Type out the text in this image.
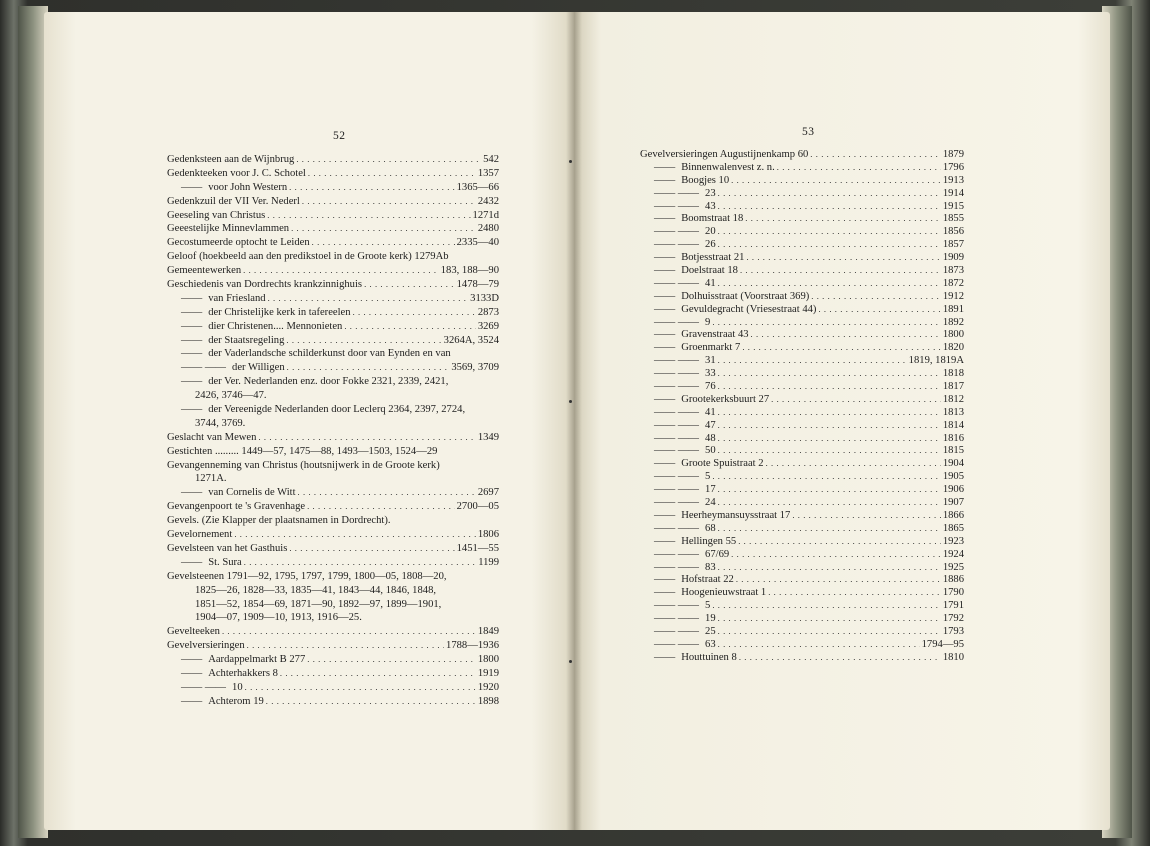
52	53
Gedenksteen aan de Wijnbrug . . .	542
Gedenkteeken voor J. C. Schotel . . .	1357
—— voor John Western . . .	1365—66
Gedenkzuil der VII Ver. Nederl . . .	2432
Geeseling van Christus . . .	1271d
Geeestelijke Minnevlammen . . .	2480
Gecostumeerde optocht te Leiden . . .	2335—40
Geloof (hoekbeeld aan den predikstoel in de Groote kerk) 1279Ab
Gemeentewerken . . .	183, 188—90
Geschiedenis van Dordrechts krankzinnighuis . . .	1478—79
—— van Friesland . . .	3133D
—— der Christelijke kerk in tafereelen . . .	2873
—— dier Christenen.... Mennonieten . . .	3269
—— der Staatsregeling . . .	3264A, 3524
—— der Vaderlandsche schilderkunst door van Eynden en van
—— —— der Willigen . . .	3569, 3709
—— der Ver. Nederlanden enz. door Fokke 2321, 2339, 2421,
2426, 3746—47.
—— der Vereenigde Nederlanden door Leclerq 2364, 2397, 2724,
3744, 3769.
Geslacht van Mewen . . .	1349
Gestichten ......... 1449—57, 1475—88, 1493—1503, 1524—29
Gevangenneming van Christus (houtsnijwerk in de Groote kerk)
1271A.
—— van Cornelis de Witt . . .	2697
Gevangenpoort te 's Gravenhage . . .	2700—05
Gevels. (Zie Klapper der plaatsnamen in Dordrecht).
Gevelornement . . .	1806
Gevelsteen van het Gasthuis . . .	1451—55
—— St. Sura . . .	1199
Gevelsteenen 1791—92, 1795, 1797, 1799, 1800—05, 1808—20,
1825—26, 1828—33, 1835—41, 1843—44, 1846, 1848,
1851—52, 1854—69, 1871—90, 1892—97, 1899—1901,
1904—07, 1909—10, 1913, 1916—25.
Gevelteeken . . .	1849
Gevelversieringen . . .	1788—1936
—— Aardappelmarkt B 277 . . .	1800
—— Achterhakkers 8 . . .	1919
—— —— 10 . . .	1920
—— Achterom 19 . . .	1898
Gevelversieringen Augustijnenkamp 60 . . .	1879
—— Binnenwalenvest z. n. . . .	1796
—— Boogjes 10 . . .	1913
—— —— 23 . . .	1914
—— —— 43 . . .	1915
—— Boomstraat 18 . . .	1855
—— —— 20 . . .	1856
—— —— 26 . . .	1857
—— Botjesstraat 21 . . .	1909
—— Doelstraat 18 . . .	1873
—— —— 41 . . .	1872
—— Dolhuisstraat (Voorstraat 369) . . .	1912
—— Gevuldegracht (Vriesestraat 44) . . .	1891
—— —— 9 . . .	1892
—— Gravenstraat 43 . . .	1800
—— Groenmarkt 7 . . .	1820
—— —— 31 . . .	1819, 1819A
—— —— 33 . . .	1818
—— —— 76 . . .	1817
—— Grootekerksbuurt 27 . . .	1812
—— —— 41 . . .	1813
—— —— 47 . . .	1814
—— —— 48 . . .	1816
—— —— 50 . . .	1815
—— Groote Spuistraat 2 . . .	1904
—— —— 5 . . .	1905
—— —— 17 . . .	1906
—— —— 24 . . .	1907
—— Heerheymansuysstraat 17 . . .	1866
—— —— 68 . . .	1865
—— Hellingen 55 . . .	1923
—— —— 67/69 . . .	1924
—— —— 83 . . .	1925
—— Hofstraat 22 . . .	1886
—— Hoogenieuwstraat 1 . . .	1790
—— —— 5 . . .	1791
—— —— 19 . . .	1792
—— —— 25 . . .	1793
—— —— 63 . . .	1794—95
—— Houttuinen 8 . . .	1810
